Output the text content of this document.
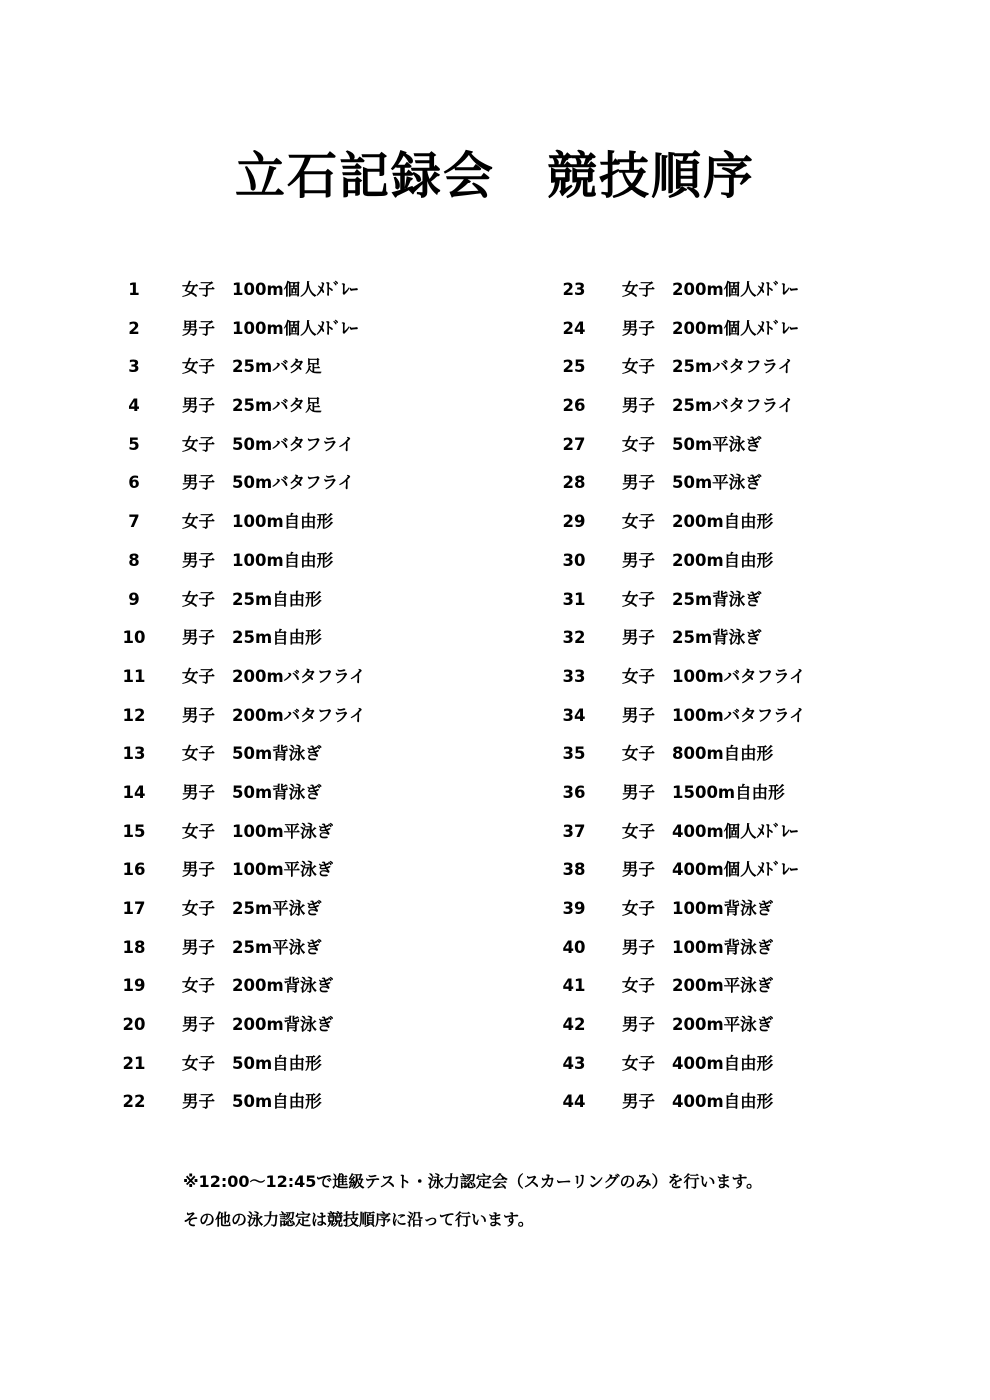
立石記録会　競技順序
1	女子 100m個人ﾒﾄﾞﾚｰ
2	男子 100m個人ﾒﾄﾞﾚｰ
3	女子 25mバタ足
4	男子 25mバタ足
5	女子 50mバタフライ
6	男子 50mバタフライ
7	女子 100m自由形
8	男子 100m自由形
9	女子 25m自由形
10	男子 25m自由形
11	女子 200mバタフライ
12	男子 200mバタフライ
13	女子 50m背泳ぎ
14	男子 50m背泳ぎ
15	女子 100m平泳ぎ
16	男子 100m平泳ぎ
17	女子 25m平泳ぎ
18	男子 25m平泳ぎ
19	女子 200m背泳ぎ
20	男子 200m背泳ぎ
21	女子 50m自由形
22	男子 50m自由形
23	女子 200m個人ﾒﾄﾞﾚｰ
24	男子 200m個人ﾒﾄﾞﾚｰ
25	女子 25mバタフライ
26	男子 25mバタフライ
27	女子 50m平泳ぎ
28	男子 50m平泳ぎ
29	女子 200m自由形
30	男子 200m自由形
31	女子 25m背泳ぎ
32	男子 25m背泳ぎ
33	女子 100mバタフライ
34	男子 100mバタフライ
35	女子 800m自由形
36	男子 1500m自由形
37	女子 400m個人ﾒﾄﾞﾚｰ
38	男子 400m個人ﾒﾄﾞﾚｰ
39	女子 100m背泳ぎ
40	男子 100m背泳ぎ
41	女子 200m平泳ぎ
42	男子 200m平泳ぎ
43	女子 400m自由形
44	男子 400m自由形
※12:00～12:45で進級テスト・泳力認定会（スカーリングのみ）を行います。
その他の泳力認定は競技順序に沿って行います。
